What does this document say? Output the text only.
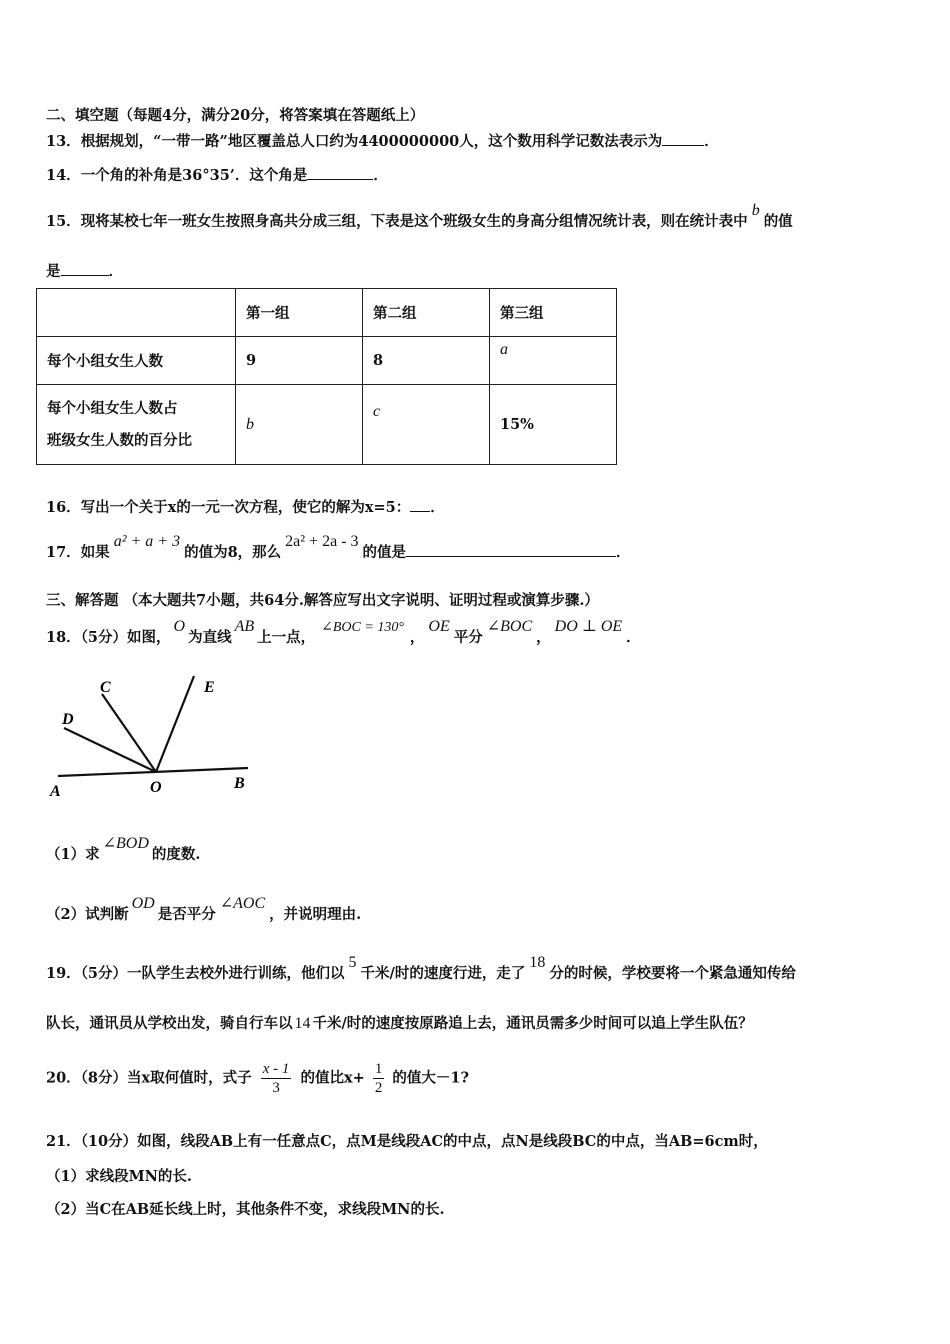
二、填空题（每题4分，满分20分，将答案填在答题纸上）
13．根据规划，“一带一路”地区覆盖总人口约为4400000000人，这个数用科学记数法表示为	．
14．一个角的补角是36°35’．这个角是	．
15．现将某校七年一班女生按照身高共分成三组，下表是这个班级女生的身高分组情况统计表，则在统计表中b的值
是	．
	第一组	第二组	第三组
每个小组女生人数	9	8	a
每个小组女生人数占
班级女生人数的百分比	b	c	15%
16．写出一个关于x的一元一次方程，使它的解为x=5： ．
17．如果a² + a + 3的值为8，那么2a² + 2a - 3的值是	．
三、解答题 （本大题共7小题，共64分.解答应写出文字说明、证明过程或演算步骤.）
18．（5分）如图，O为直线AB上一点，∠BOC = 130°，OE平分∠BOC，DO ⊥ OE．
C	E
D
A	O	B
（1）求∠BOD的度数.
（2）试判断OD是否平分∠AOC，并说明理由.
19．（5分）一队学生去校外进行训练，他们以5千米/时的速度行进，走了18分的时候，学校要将一个紧急通知传给
队长，通讯员从学校出发，骑自行车以 14 千米/时的速度按原路追上去，通讯员需多少时间可以追上学生队伍？
20．（8分）当x取何值时，式子 $\frac{x - 1}{3}$ 的值比$x+ \frac{1}{2}$ 的值大－1?
21．（10分）如图，线段AB上有一任意点C，点M是线段AC的中点，点N是线段BC的中点，当AB=6cm时，
（1）求线段MN的长.
（2）当C在AB延长线上时，其他条件不变，求线段MN的长.
